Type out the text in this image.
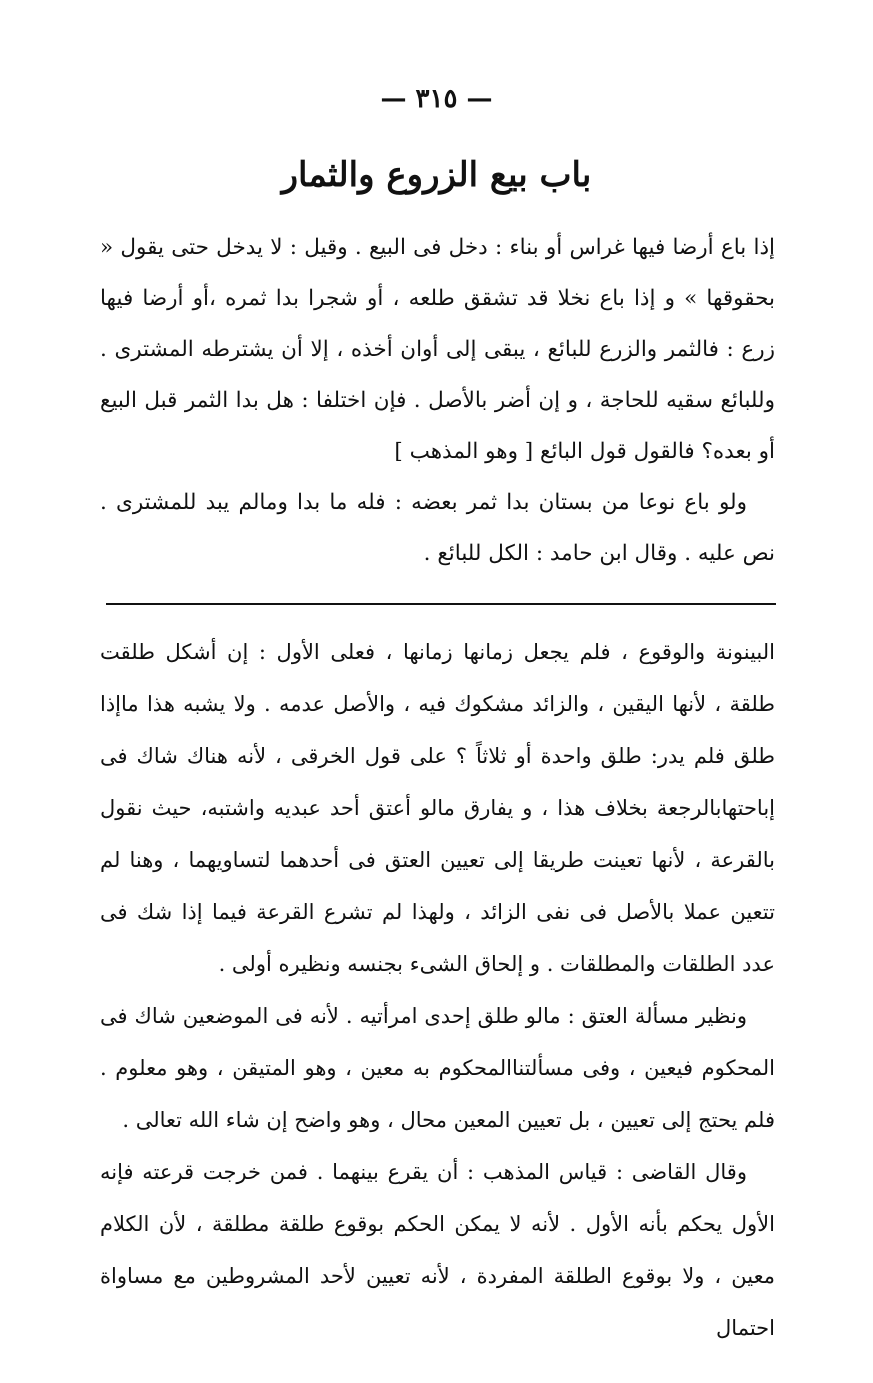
— ٣١٥ —
باب بيع الزروع والثمار

إذا باع أرضا فيها غراس أو بناء : دخل فى البيع . وقيل : لا يدخل حتى يقول « بحقوقها » و إذا باع نخلا قد تشقق طلعه ، أو شجرا بدا ثمره ،أو أرضا فيها زرع : فالثمر والزرع للبائع ، يبقى إلى أوان أخذه ، إلا أن يشترطه المشترى . وللبائع سقيه للحاجة ، و إن أضر بالأصل . فإن اختلفا : هل بدا الثمر قبل البيع أو بعده؟ فالقول قول البائع [ وهو المذهب ]

ولو باع نوعا من بستان بدا ثمر بعضه : فله ما بدا ومالم يبد للمشترى . نص عليه . وقال ابن حامد : الكل للبائع .

البينونة والوقوع ، فلم يجعل زمانها زمانها ، فعلى الأول : إن أشكل طلقت طلقة ، لأنها اليقين ، والزائد مشكوك فيه ، والأصل عدمه . ولا يشبه هذا ماإذا طلق فلم يدر: طلق واحدة أو ثلاثاً ؟ على قول الخرقى ، لأنه هناك شاك فى إباحتهابالرجعة بخلاف هذا ، و يفارق مالو أعتق أحد عبديه واشتبه، حيث نقول بالقرعة ، لأنها تعينت طريقا إلى تعيين العتق فى أحدهما لتساويهما ، وهنا لم تتعين عملا بالأصل فى نفى الزائد ، ولهذا لم تشرع القرعة فيما إذا شك فى عدد الطلقات والمطلقات . و إلحاق الشىء بجنسه ونظيره أولى .

ونظير مسألة العتق : مالو طلق إحدى امرأتيه . لأنه فى الموضعين شاك فى المحكوم فيعين ، وفى مسألتناالمحكوم به معين ، وهو المتيقن ، وهو معلوم . فلم يحتج إلى تعيين ، بل تعيين المعين محال ، وهو واضح إن شاء الله تعالى .

وقال القاضى : قياس المذهب : أن يقرع بينهما . فمن خرجت قرعته فإنه الأول يحكم بأنه الأول . لأنه لا يمكن الحكم بوقوع طلقة مطلقة ، لأن الكلام معين ، ولا بوقوع الطلقة المفردة ، لأنه تعيين لأحد المشروطين مع مساواة احتمال
